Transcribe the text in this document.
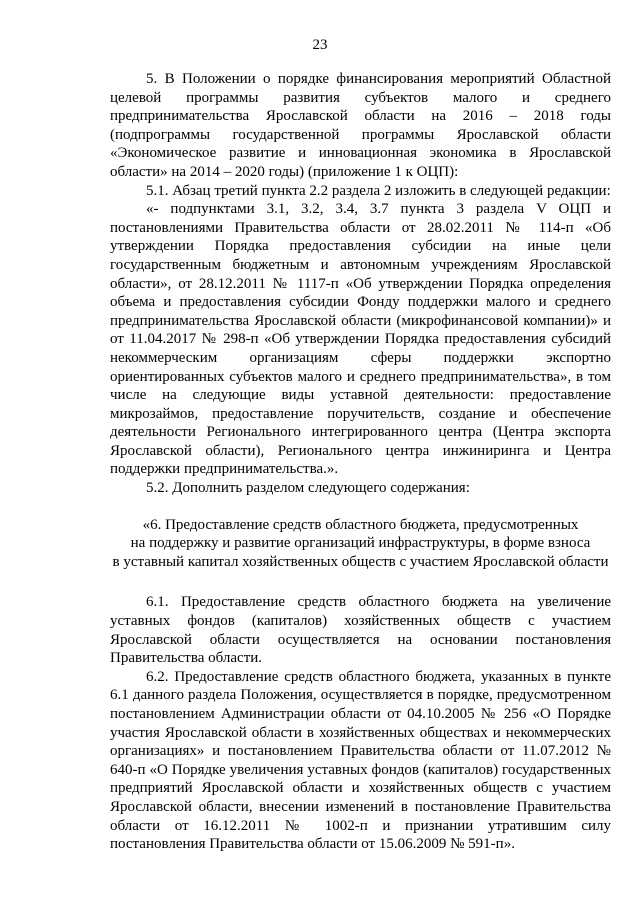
23

5. В Положении о порядке финансирования мероприятий Областной целевой программы развития субъектов малого и среднего предпринимательства Ярославской области на 2016 – 2018 годы (подпрограммы государственной программы Ярославской области «Экономическое развитие и инновационная экономика в Ярославской области» на 2014 – 2020 годы) (приложение 1 к ОЦП):

5.1. Абзац третий пункта 2.2 раздела 2 изложить в следующей редакции:

«- подпунктами 3.1, 3.2, 3.4, 3.7 пункта 3 раздела V ОЦП и постановлениями Правительства области от 28.02.2011 № 114-п «Об утверждении Порядка предоставления субсидии на иные цели государственным бюджетным и автономным учреждениям Ярославской области», от 28.12.2011 № 1117-п «Об утверждении Порядка определения объема и предоставления субсидии Фонду поддержки малого и среднего предпринимательства Ярославской области (микрофинансовой компании)» и от 11.04.2017 № 298-п «Об утверждении Порядка предоставления субсидий некоммерческим организациям сферы поддержки экспортно ориентированных субъектов малого и среднего предпринимательства», в том числе на следующие виды уставной деятельности: предоставление микрозаймов, предоставление поручительств, создание и обеспечение деятельности Регионального интегрированного центра (Центра экспорта Ярославской области), Регионального центра инжиниринга и Центра поддержки предпринимательства.».

5.2. Дополнить разделом следующего содержания:

«6. Предоставление средств областного бюджета, предусмотренных
на поддержку и развитие организаций инфраструктуры, в форме взноса
в уставный капитал хозяйственных обществ с участием Ярославской области

6.1. Предоставление средств областного бюджета на увеличение уставных фондов (капиталов) хозяйственных обществ с участием Ярославской области осуществляется на основании постановления Правительства области.

6.2. Предоставление средств областного бюджета, указанных в пункте 6.1 данного раздела Положения, осуществляется в порядке, предусмотренном постановлением Администрации области от 04.10.2005 № 256 «О Порядке участия Ярославской области в хозяйственных обществах и некоммерческих организациях» и постановлением Правительства области от 11.07.2012 № 640-п «О Порядке увеличения уставных фондов (капиталов) государственных предприятий Ярославской области и хозяйственных обществ с участием Ярославской области, внесении изменений в постановление Правительства области от 16.12.2011 № 1002-п и признании утратившим силу постановления Правительства области от 15.06.2009 № 591-п».
